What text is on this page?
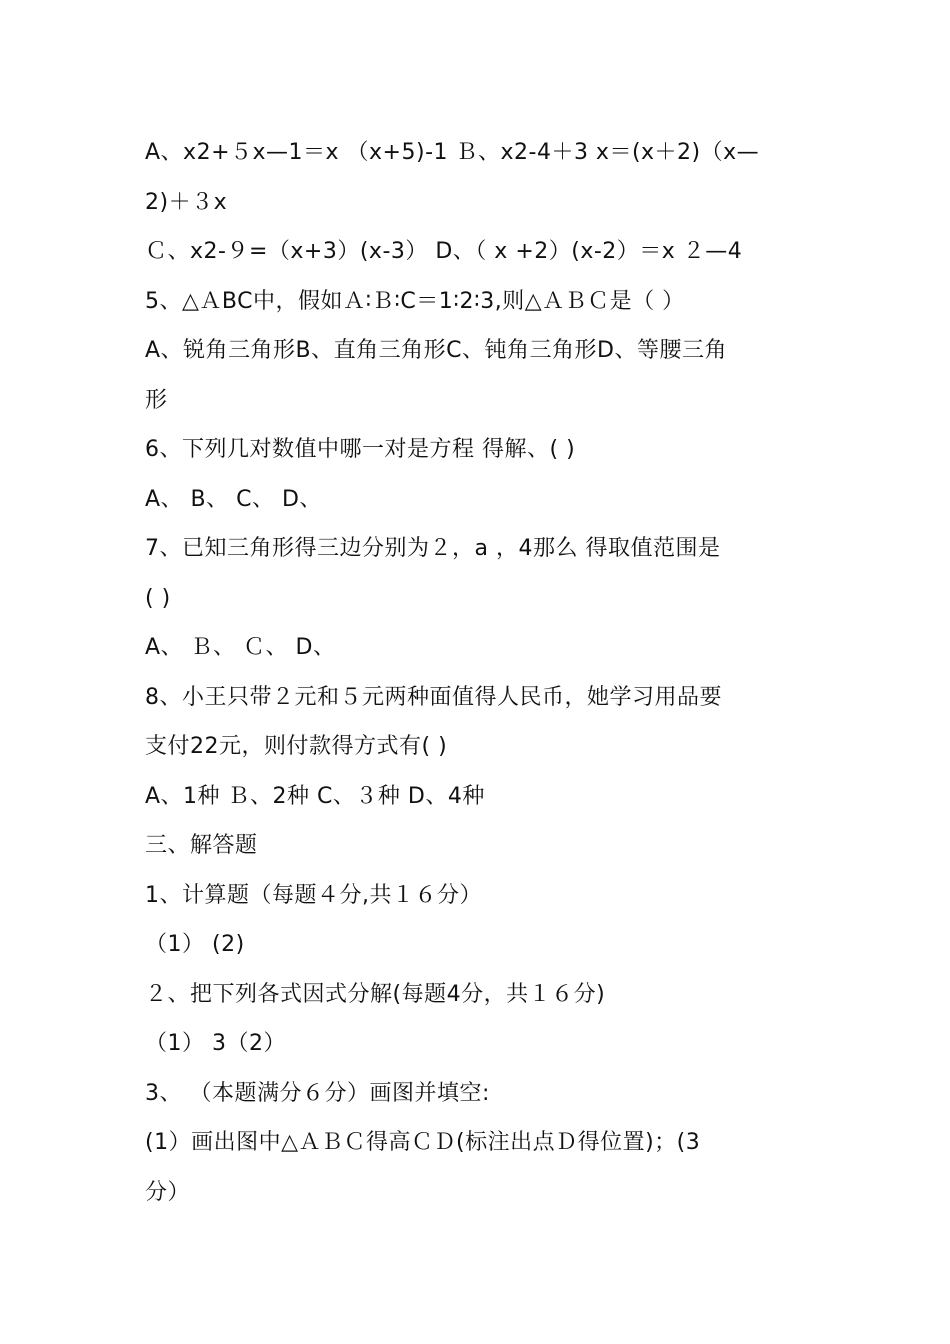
A、x2+５x—1＝x （x+5)-1 Ｂ、x2-4＋3 x＝(x＋2)（x—
2)＋３x
Ｃ、x2-９=（x+3）(x-3） D、（ x +2）(x-2）＝x ２—4
5、△ＡBC中，假如Ａ∶Ｂ∶C＝1∶2∶3,则△ＡＢＣ是（ ）
A、锐角三角形B、直角三角形C、钝角三角形D、等腰三角
形
6、下列几对数值中哪一对是方程 得解、( )
A、 B、 C、 D、
7、已知三角形得三边分别为２，a ，4那么 得取值范围是
( )
A、 Ｂ、 Ｃ、 D、
8、小王只带２元和５元两种面值得人民币，她学习用品要
支付22元，则付款得方式有( )
A、1种 Ｂ、2种 C、３种 D、4种
三、解答题
1、计算题（每题４分,共１６分）
（1） (2)
２、把下列各式因式分解(每题4分，共１６分)
（1） 3（2）
3、 （本题满分６分）画图并填空:
(1）画出图中△ＡＢＣ得高ＣＤ(标注出点Ｄ得位置)；(3
分）
